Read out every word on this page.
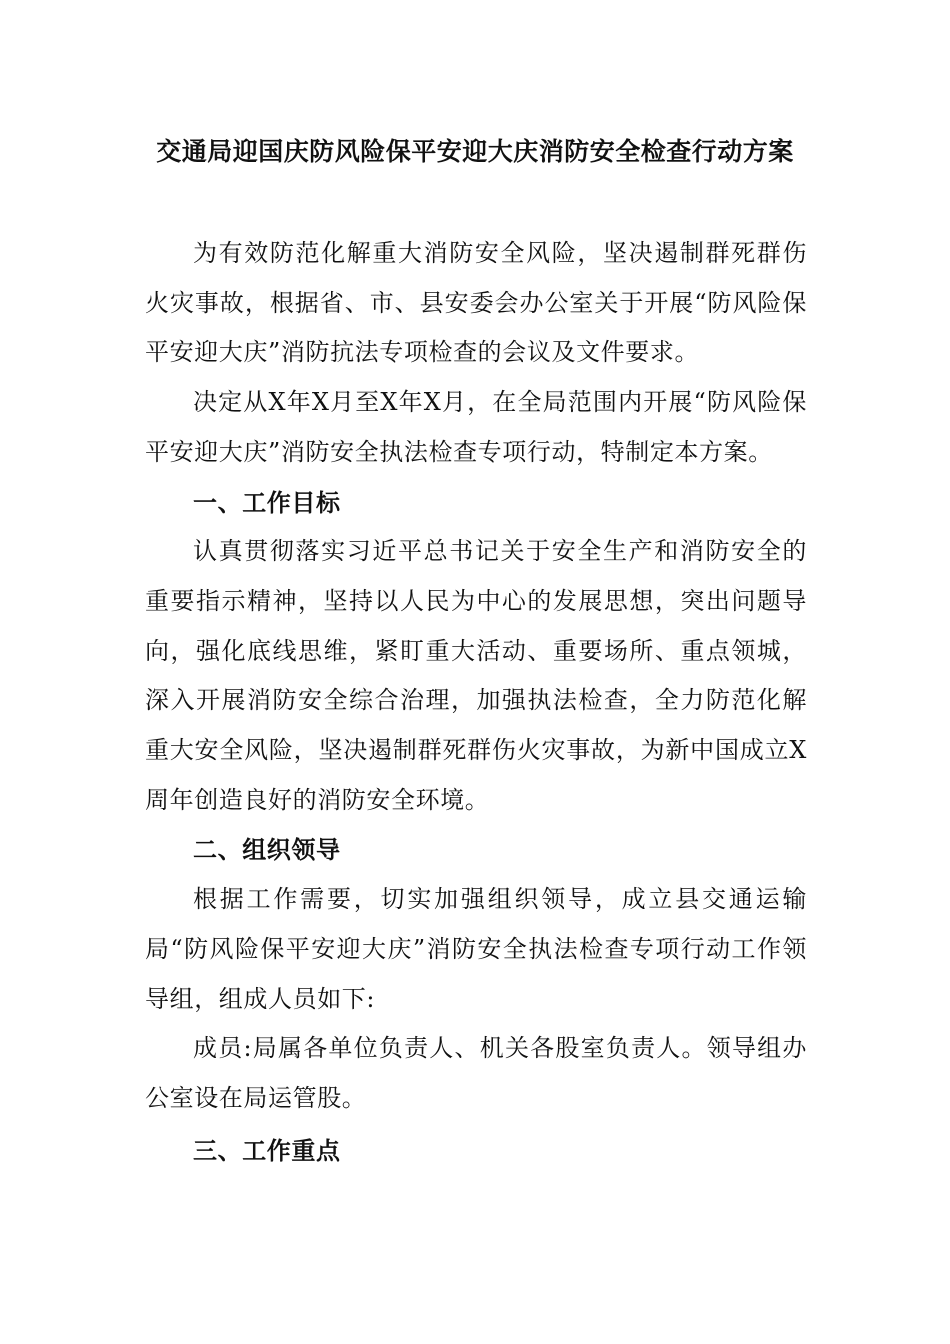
交通局迎国庆防风险保平安迎大庆消防安全检查行动方案

为有效防范化解重大消防安全风险，坚决遏制群死群伤火灾事故，根据省、市、县安委会办公室关于开展“防风险保平安迎大庆”消防抗法专项检查的会议及文件要求。

决定从X年X月至X年X月，在全局范围内开展“防风险保平安迎大庆”消防安全执法检查专项行动，特制定本方案。

一、工作目标

认真贯彻落实习近平总书记关于安全生产和消防安全的重要指示精神，坚持以人民为中心的发展思想，突出问题导向，强化底线思维，紧盯重大活动、重要场所、重点领城，深入开展消防安全综合治理，加强执法检查，全力防范化解重大安全风险，坚决遏制群死群伤火灾事故，为新中国成立X周年创造良好的消防安全环境。

二、组织领导

根据工作需要，切实加强组织领导，成立县交通运输局“防风险保平安迎大庆”消防安全执法检查专项行动工作领导组，组成人员如下:

成员:局属各单位负责人、机关各股室负责人。领导组办公室设在局运管股。

三、工作重点
